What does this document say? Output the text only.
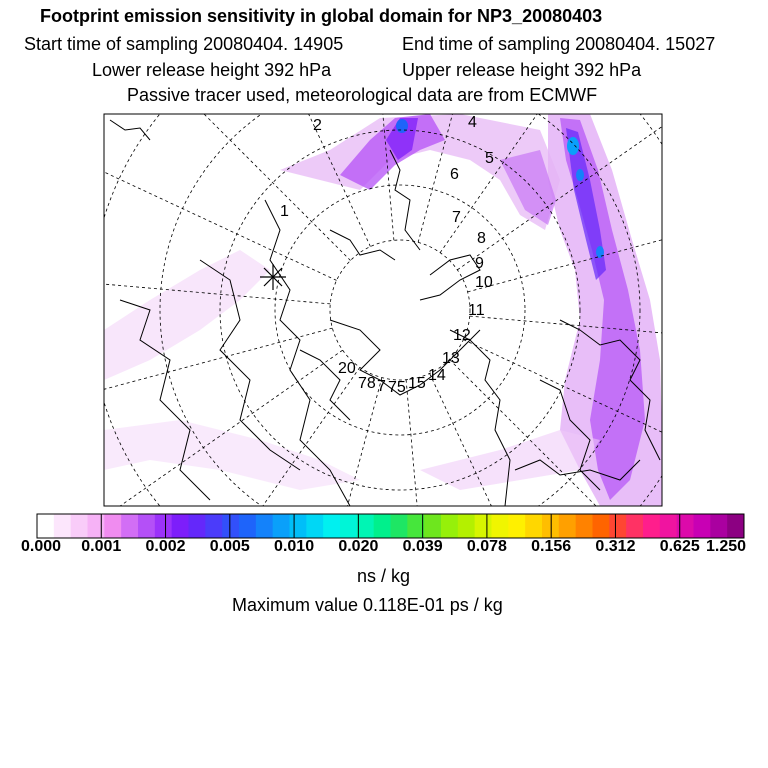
Footprint emission sensitivity in global domain for NP3_20080403
Start time of sampling 20080404. 14905	End time of sampling 20080404. 15027
Lower release height 392 hPa	Upper release height 392 hPa
Passive tracer used, meteorological data are from ECMWF
1
2	4
5
6
7
8
9
10
11
12
13
14
15
75
78 7
20
0.000 0.001 0.002 0.005 0.010 0.020 0.039 0.078 0.156 0.312 0.625 1.250
ns / kg
Maximum value 0.118E-01 ps / kg
